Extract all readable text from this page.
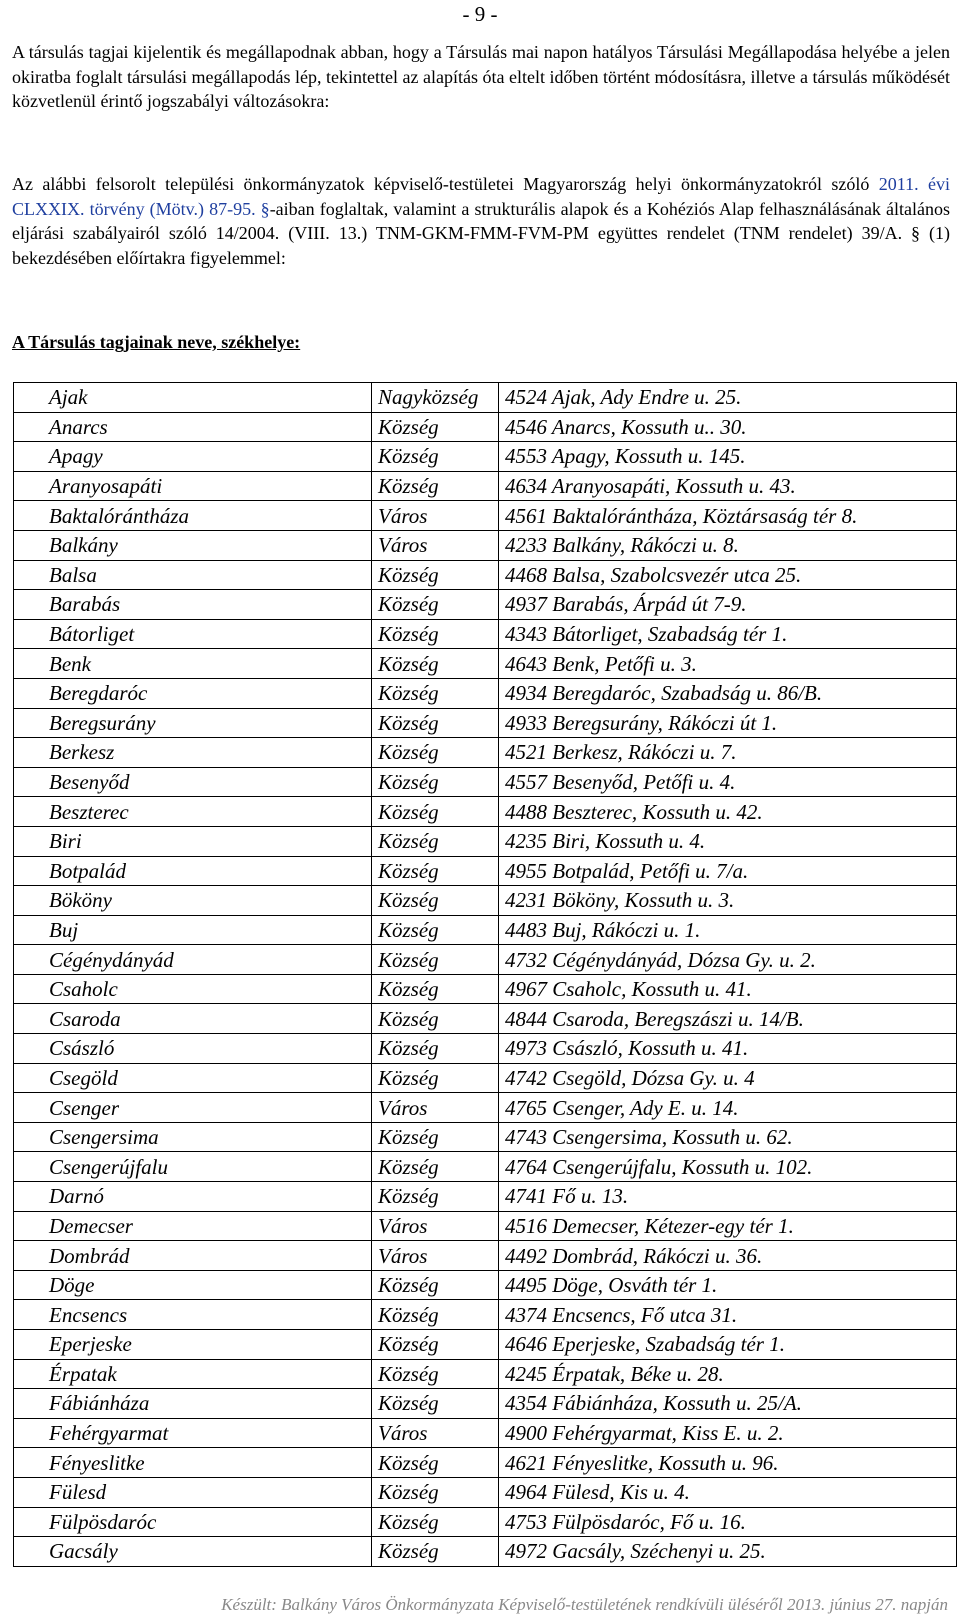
- 9 -

A társulás tagjai kijelentik és megállapodnak abban, hogy a Társulás mai napon hatályos Társulási Megállapodása helyébe a jelen okiratba foglalt társulási megállapodás lép, tekintettel az alapítás óta eltelt időben történt módosításra, illetve a társulás működését közvetlenül érintő jogszabályi változásokra:

Az alábbi felsorolt települési önkormányzatok képviselő-testületei Magyarország helyi önkormányzatokról szóló 2011. évi CLXXIX. törvény (Mötv.) 87-95. §-aiban foglaltak, valamint a strukturális alapok és a Kohéziós Alap felhasználásának általános eljárási szabályairól szóló 14/2004. (VIII. 13.) TNM-GKM-FMM-FVM-PM együttes rendelet (TNM rendelet) 39/A. § (1) bekezdésében előírtakra figyelemmel:

A Társulás tagjainak neve, székhelye:

Ajak	Nagyközség	4524 Ajak, Ady Endre u. 25.
Anarcs	Község	4546 Anarcs, Kossuth u.. 30.
Apagy	Község	4553 Apagy, Kossuth u. 145.
Aranyosapáti	Község	4634 Aranyosapáti, Kossuth u. 43.
Baktalórántháza	Város	4561 Baktalórántháza, Köztársaság tér 8.
Balkány	Város	4233 Balkány, Rákóczi u. 8.
Balsa	Község	4468 Balsa, Szabolcsvezér utca 25.
Barabás	Község	4937 Barabás, Árpád út 7-9.
Bátorliget	Község	4343 Bátorliget, Szabadság tér 1.
Benk	Község	4643 Benk, Petőfi u. 3.
Beregdaróc	Község	4934 Beregdaróc, Szabadság u. 86/B.
Beregsurány	Község	4933 Beregsurány, Rákóczi út 1.
Berkesz	Község	4521 Berkesz, Rákóczi u. 7.
Besenyőd	Község	4557 Besenyőd, Petőfi u. 4.
Beszterec	Község	4488 Beszterec, Kossuth u. 42.
Biri	Község	4235 Biri, Kossuth u. 4.
Botpalád	Község	4955 Botpalád, Petőfi u. 7/a.
Bököny	Község	4231 Bököny, Kossuth u. 3.
Buj	Község	4483 Buj, Rákóczi u. 1.
Cégénydányád	Község	4732 Cégénydányád, Dózsa Gy. u. 2.
Csaholc	Község	4967 Csaholc, Kossuth u. 41.
Csaroda	Község	4844 Csaroda, Beregszászi u. 14/B.
Császló	Község	4973 Császló, Kossuth u. 41.
Csegöld	Község	4742 Csegöld, Dózsa Gy. u. 4
Csenger	Város	4765 Csenger, Ady E. u. 14.
Csengersima	Község	4743 Csengersima, Kossuth u. 62.
Csengerújfalu	Község	4764 Csengerújfalu, Kossuth u. 102.
Darnó	Község	4741 Fő u. 13.
Demecser	Város	4516 Demecser, Kétezer-egy tér 1.
Dombrád	Város	4492 Dombrád, Rákóczi u. 36.
Döge	Község	4495 Döge, Osváth tér 1.
Encsencs	Község	4374 Encsencs, Fő utca 31.
Eperjeske	Község	4646 Eperjeske, Szabadság tér 1.
Érpatak	Község	4245 Érpatak, Béke u. 28.
Fábiánháza	Község	4354 Fábiánháza, Kossuth u. 25/A.
Fehérgyarmat	Város	4900 Fehérgyarmat, Kiss E. u. 2.
Fényeslitke	Község	4621 Fényeslitke, Kossuth u. 96.
Fülesd	Község	4964 Fülesd, Kis u. 4.
Fülpösdaróc	Község	4753 Fülpösdaróc, Fő u. 16.
Gacsály	Község	4972 Gacsály, Széchenyi u. 25.
Készült: Balkány Város Önkormányzata Képviselő-testületének rendkívüli üléséről 2013. június 27. napján
